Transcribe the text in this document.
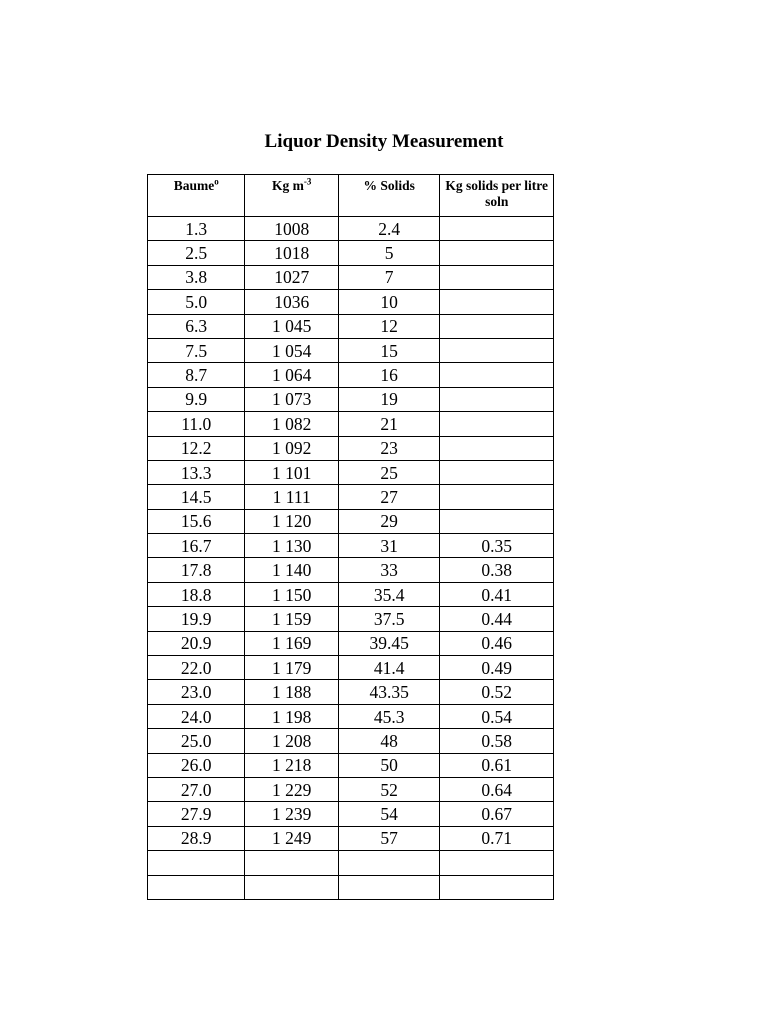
Liquor Density Measurement
Baume$^o$	Kg $m^{-3}$	% Solids	Kg solids per litre soln
1.3	1008	2.4	
2.5	1018	5	
3.8	1027	7	
5.0	1036	10	
6.3	1 045	12	
7.5	1 054	15	
8.7	1 064	16	
9.9	1 073	19	
11.0	1 082	21	
12.2	1 092	23	
13.3	1 101	25	
14.5	1 111	27	
15.6	1 120	29	
16.7	1 130	31	0.35
17.8	1 140	33	0.38
18.8	1 150	35.4	0.41
19.9	1 159	37.5	0.44
20.9	1 169	39.45	0.46
22.0	1 179	41.4	0.49
23.0	1 188	43.35	0.52
24.0	1 198	45.3	0.54
25.0	1 208	48	0.58
26.0	1 218	50	0.61
27.0	1 229	52	0.64
27.9	1 239	54	0.67
28.9	1 249	57	0.71
